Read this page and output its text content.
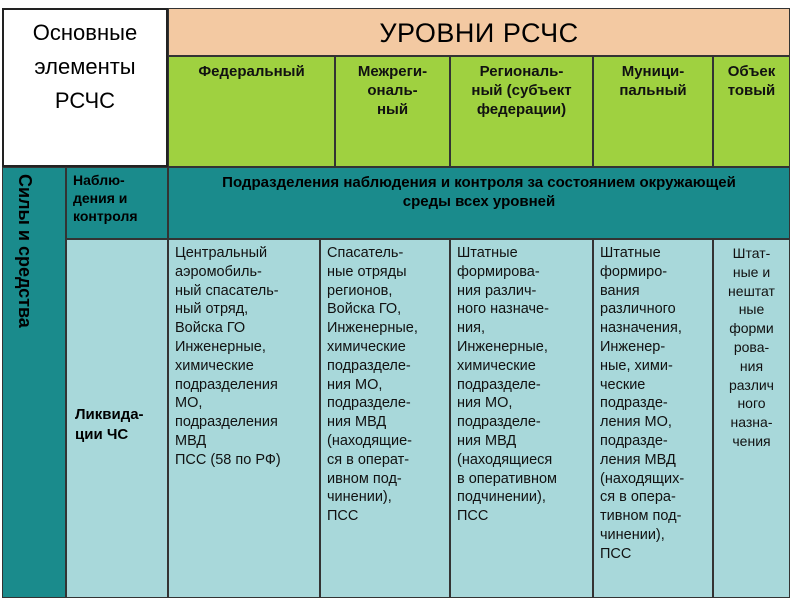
Основные
элементы
РСЧС
УРОВНИ РСЧС
Федеральный	Межреги-
ональ-
ный
Региональ-
ный (субъект
федерации)
Муници-
пальный
Объек
товый
Силы и средства	Наблю-
дения и
контроля
Подразделения наблюдения и контроля за состоянием окружающей
среды всех уровней
Ликвида-
ции ЧС
Центральный
аэромобиль-
ный спасатель-
ный отряд,
Войска ГО
Инженерные,
химические
подразделения
МО,
подразделения
МВД
ПСС (58 по РФ)
Спасатель-
ные отряды
регионов,
Войска ГО,
Инженерные,
химические
подразделе-
ния МО,
подразделе-
ния МВД
(находящие-
ся в операт-
ивном под-
чинении),
ПСС
Штатные
формирова-
ния различ-
ного назначе-
ния,
Инженерные,
химические
подразделе-
ния МО,
подразделе-
ния МВД
(находящиеся
в оперативном
подчинении),
ПСС
Штатные
формиро-
вания
различного
назначения,
Инженер-
ные, хими-
ческие
подразде-
ления МО,
подразде-
ления МВД
(находящих-
ся в опера-
тивном под-
чинении),
ПСС
Штат-
ные и
нештат
ные
форми
рова-
ния
различ
ного
назна-
чения
